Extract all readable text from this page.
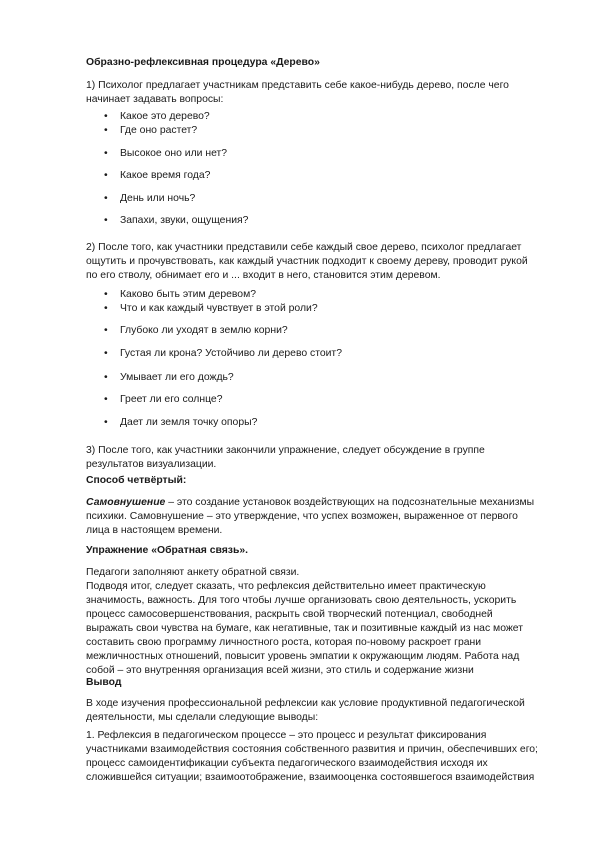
Образно-рефлексивная процедура «Дерево»
1) Психолог предлагает участникам представить себе какое-нибудь дерево, после чего
начинает задавать вопросы:
• Какое это дерево?
• Где оно растет?
• Высокое оно или нет?
• Какое время года?
• День или ночь?
• Запахи, звуки, ощущения?
2) После того, как участники представили себе каждый свое дерево, психолог предлагает
ощутить и прочувствовать, как каждый участник подходит к своему дереву, проводит рукой
по его стволу, обнимает его и ... входит в него, становится этим деревом.
• Каково быть этим деревом?
• Что и как каждый чувствует в этой роли?
• Глубоко ли уходят в землю корни?
• Густая ли крона? Устойчиво ли дерево стоит?
• Умывает ли его дождь?
• Греет ли его солнце?
• Дает ли земля точку опоры?
3) После того, как участники закончили упражнение, следует обсуждение в группе
результатов визуализации.
Способ четвёртый:
Самовнушение – это создание установок воздействующих на подсознательные механизмы
психики. Самовнушение – это утверждение, что успех возможен, выраженное от первого
лица в настоящем времени.
Упражнение «Обратная связь».
Педагоги заполняют анкету обратной связи.
Подводя итог, следует сказать, что рефлексия действительно имеет практическую
значимость, важность. Для того чтобы лучше организовать свою деятельность, ускорить
процесс самосовершенствования, раскрыть свой творческий потенциал, свободней
выражать свои чувства на бумаге, как негативные, так и позитивные каждый из нас может
составить свою программу личностного роста, которая по-новому раскроет грани
межличностных отношений, повысит уровень эмпатии к окружающим людям. Работа над
собой – это внутренняя организация всей жизни, это стиль и содержание жизни
Вывод
В ходе изучения профессиональной рефлексии как условие продуктивной педагогической
деятельности, мы сделали следующие выводы:
1. Рефлексия в педагогическом процессе – это процесс и результат фиксирования
участниками взаимодействия состояния собственного развития и причин, обеспечивших его;
процесс самоидентификации субъекта педагогического взаимодействия исходя их
сложившейся ситуации; взаимоотображение, взаимооценка состоявшегося взаимодействия
